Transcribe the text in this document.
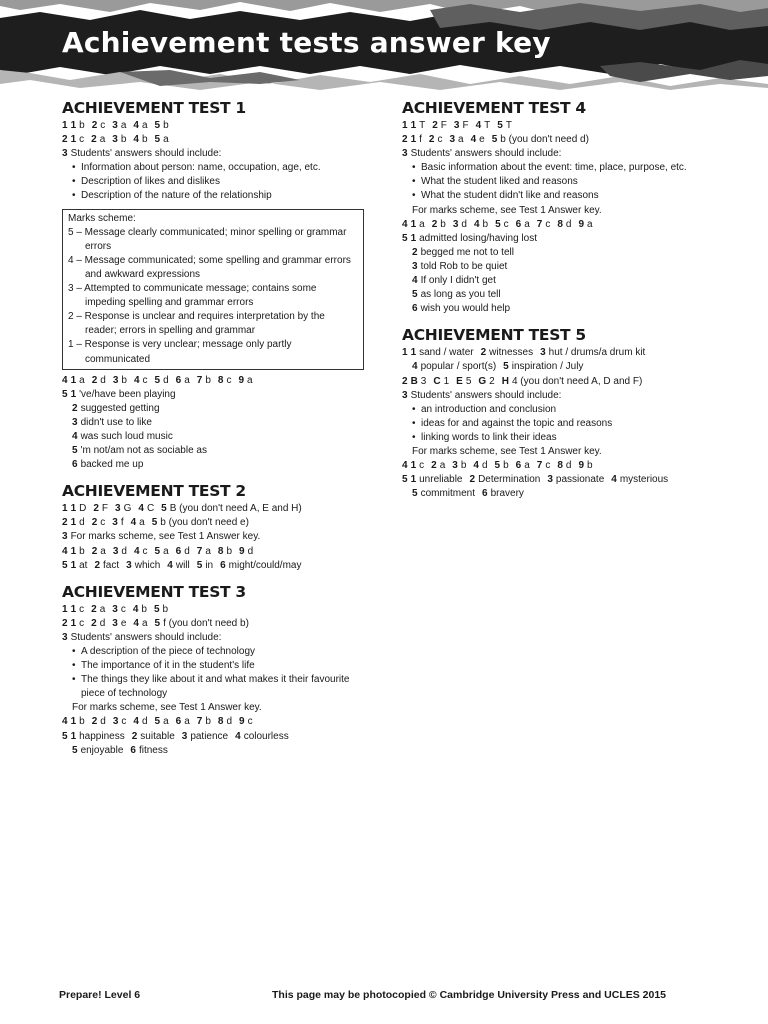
Achievement tests answer key
ACHIEVEMENT TEST 1
1 1 b 2 c 3 a 4 a 5 b
2 1 c 2 a 3 b 4 b 5 a
3 Students' answers should include:
• Information about person: name, occupation, age, etc.
• Description of likes and dislikes
• Description of the nature of the relationship
Marks scheme:
5 – Message clearly communicated; minor spelling or grammar
errors
4 – Message communicated; some spelling and grammar errors
and awkward expressions
3 – Attempted to communicate message; contains some
impeding spelling and grammar errors
2 – Response is unclear and requires interpretation by the
reader; errors in spelling and grammar
1 – Response is very unclear; message only partly
communicated
4 1 a 2 d 3 b 4 c 5 d 6 a 7 b 8 c 9 a
5 1 've/have been playing
2 suggested getting
3 didn't use to like
4 was such loud music
5 'm not/am not as sociable as
6 backed me up
ACHIEVEMENT TEST 2
1 1 D 2 F 3 G 4 C 5 B (you don't need A, E and H)
2 1 d 2 c 3 f 4 a 5 b (you don't need e)
3 For marks scheme, see Test 1 Answer key.
4 1 b 2 a 3 d 4 c 5 a 6 d 7 a 8 b 9 d
5 1 at 2 fact 3 which 4 will 5 in 6 might/could/may
ACHIEVEMENT TEST 3
1 1 c 2 a 3 c 4 b 5 b
2 1 c 2 d 3 e 4 a 5 f (you don't need b)
3 Students' answers should include:
• A description of the piece of technology
• The importance of it in the student's life
• The things they like about it and what makes it their favourite
piece of technology
For marks scheme, see Test 1 Answer key.
4 1 b 2 d 3 c 4 d 5 a 6 a 7 b 8 d 9 c
5 1 happiness 2 suitable 3 patience 4 colourless
5 enjoyable 6 fitness
ACHIEVEMENT TEST 4
1 1 T 2 F 3 F 4 T 5 T
2 1 f 2 c 3 a 4 e 5 b (you don't need d)
3 Students' answers should include:
• Basic information about the event: time, place, purpose, etc.
• What the student liked and reasons
• What the student didn't like and reasons
For marks scheme, see Test 1 Answer key.
4 1 a 2 b 3 d 4 b 5 c 6 a 7 c 8 d 9 a
5 1 admitted losing/having lost
2 begged me not to tell
3 told Rob to be quiet
4 If only I didn't get
5 as long as you tell
6 wish you would help
ACHIEVEMENT TEST 5
1 1 sand / water 2 witnesses 3 hut / drums/a drum kit
4 popular / sport(s) 5 inspiration / July
2 B 3 C 1 E 5 G 2 H 4 (you don't need A, D and F)
3 Students' answers should include:
• an introduction and conclusion
• ideas for and against the topic and reasons
• linking words to link their ideas
For marks scheme, see Test 1 Answer key.
4 1 c 2 a 3 b 4 d 5 b 6 a 7 c 8 d 9 b
5 1 unreliable 2 Determination 3 passionate 4 mysterious
5 commitment 6 bravery
Prepare! Level 6	This page may be photocopied © Cambridge University Press and UCLES 2015
